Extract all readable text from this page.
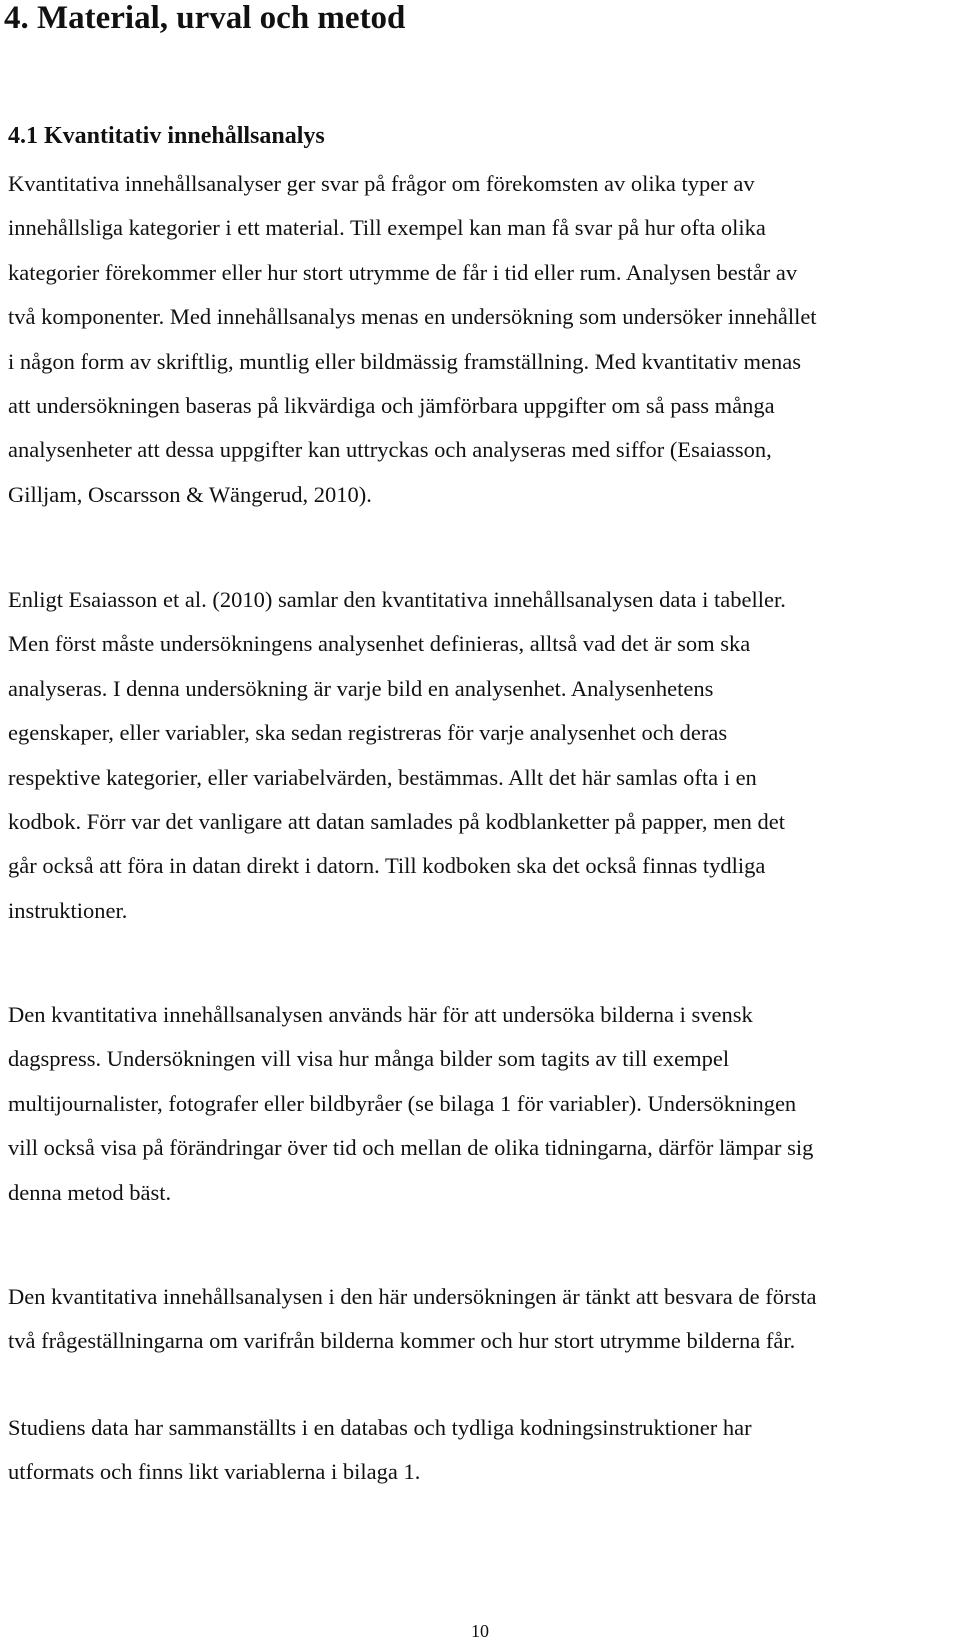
4. Material, urval och metod
4.1 Kvantitativ innehållsanalys
Kvantitativa innehållsanalyser ger svar på frågor om förekomsten av olika typer av
innehållsliga kategorier i ett material. Till exempel kan man få svar på hur ofta olika
kategorier förekommer eller hur stort utrymme de får i tid eller rum. Analysen består av
två komponenter. Med innehållsanalys menas en undersökning som undersöker innehållet
i någon form av skriftlig, muntlig eller bildmässig framställning. Med kvantitativ menas
att undersökningen baseras på likvärdiga och jämförbara uppgifter om så pass många
analysenheter att dessa uppgifter kan uttryckas och analyseras med siffor (Esaiasson,
Gilljam, Oscarsson & Wängerud, 2010).
Enligt Esaiasson et al. (2010) samlar den kvantitativa innehållsanalysen data i tabeller.
Men först måste undersökningens analysenhet definieras, alltså vad det är som ska
analyseras. I denna undersökning är varje bild en analysenhet. Analysenhetens
egenskaper, eller variabler, ska sedan registreras för varje analysenhet och deras
respektive kategorier, eller variabelvärden, bestämmas. Allt det här samlas ofta i en
kodbok. Förr var det vanligare att datan samlades på kodblanketter på papper, men det
går också att föra in datan direkt i datorn. Till kodboken ska det också finnas tydliga
instruktioner.
Den kvantitativa innehållsanalysen används här för att undersöka bilderna i svensk
dagspress. Undersökningen vill visa hur många bilder som tagits av till exempel
multijournalister, fotografer eller bildbyråer (se bilaga 1 för variabler). Undersökningen
vill också visa på förändringar över tid och mellan de olika tidningarna, därför lämpar sig
denna metod bäst.
Den kvantitativa innehållsanalysen i den här undersökningen är tänkt att besvara de första
två frågeställningarna om varifrån bilderna kommer och hur stort utrymme bilderna får.
Studiens data har sammanställts i en databas och tydliga kodningsinstruktioner har
utformats och finns likt variablerna i bilaga 1.
10
